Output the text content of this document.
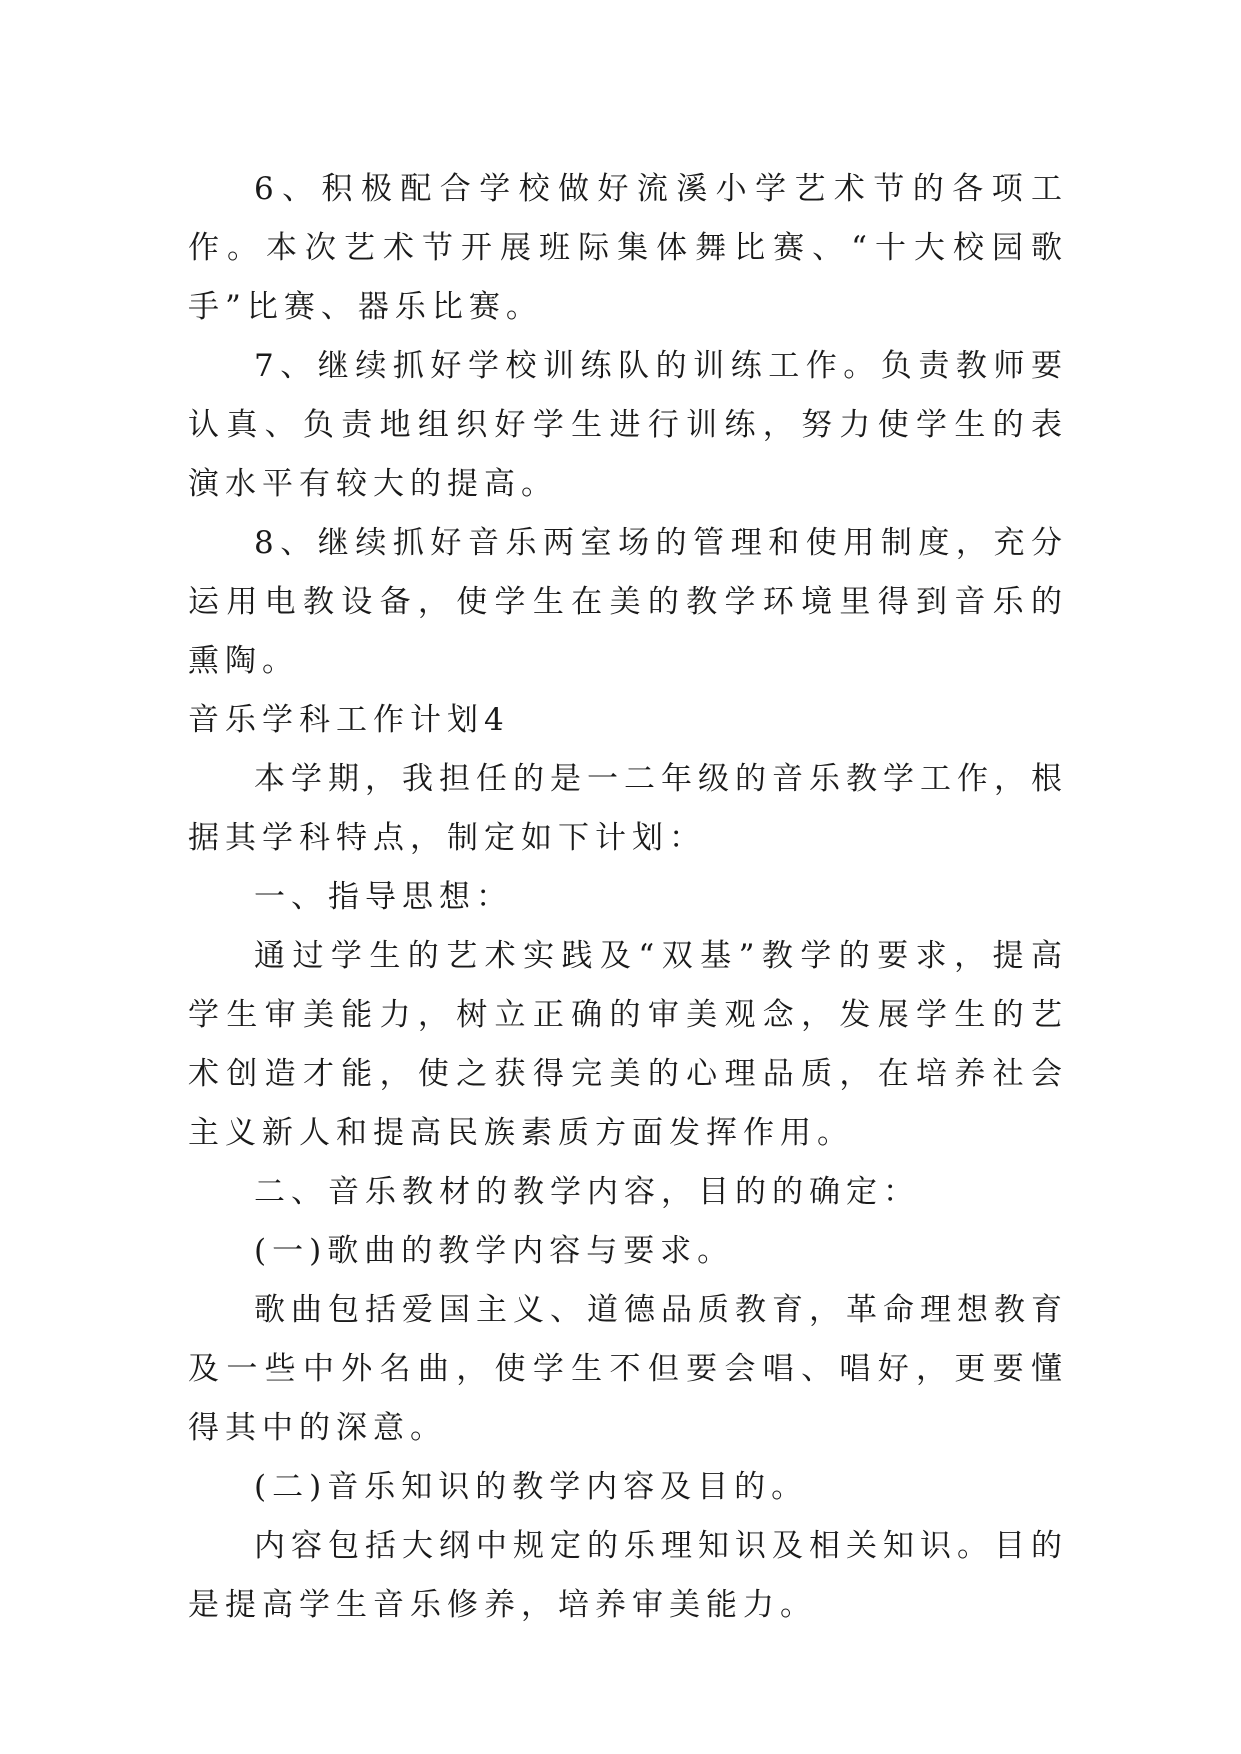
6、积极配合学校做好流溪小学艺术节的各项工作。本次艺术节开展班际集体舞比赛、“十大校园歌手”比赛、器乐比赛。

7、继续抓好学校训练队的训练工作。负责教师要认真、负责地组织好学生进行训练，努力使学生的表演水平有较大的提高。

8、继续抓好音乐两室场的管理和使用制度，充分运用电教设备，使学生在美的教学环境里得到音乐的熏陶。

音乐学科工作计划4

本学期，我担任的是一二年级的音乐教学工作，根据其学科特点，制定如下计划：

一、指导思想：

通过学生的艺术实践及“双基”教学的要求，提高学生审美能力，树立正确的审美观念，发展学生的艺术创造才能，使之获得完美的心理品质，在培养社会主义新人和提高民族素质方面发挥作用。

二、音乐教材的教学内容，目的的确定：

(一)歌曲的教学内容与要求。

歌曲包括爱国主义、道德品质教育，革命理想教育及一些中外名曲，使学生不但要会唱、唱好，更要懂得其中的深意。

(二)音乐知识的教学内容及目的。

内容包括大纲中规定的乐理知识及相关知识。目的是提高学生音乐修养，培养审美能力。
